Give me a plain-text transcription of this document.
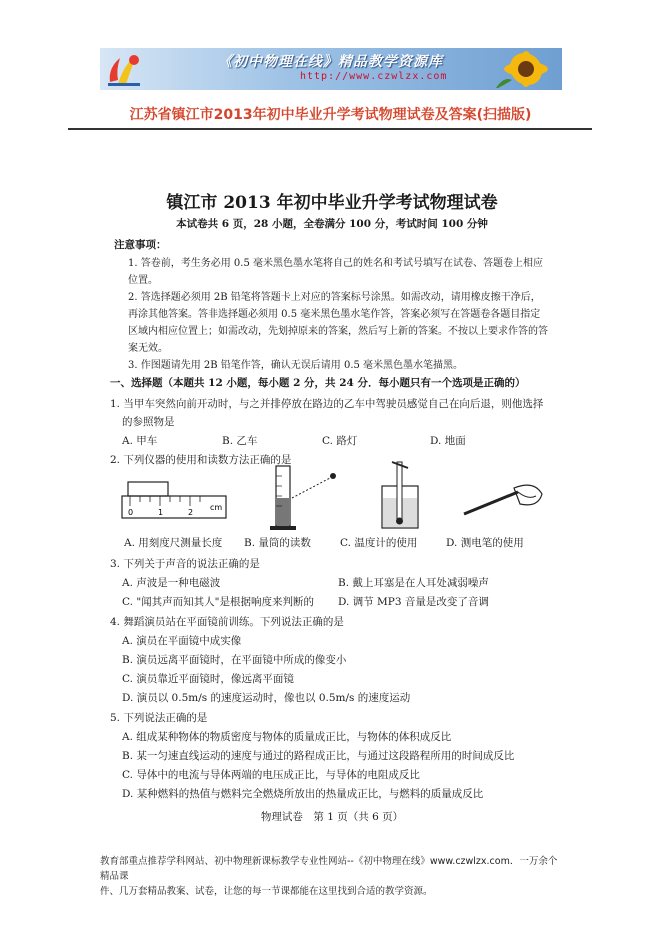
《初中物理在线》精品教学资源库
http://www.czwlzx.com
江苏省镇江市2013年初中毕业升学考试物理试卷及答案(扫描版)
镇江市 2013 年初中毕业升学考试物理试卷
本试卷共 6 页，28 小题，全卷满分 100 分，考试时间 100 分钟
注意事项：
1. 答卷前，考生务必用 0.5 毫米黑色墨水笔将自己的姓名和考试号填写在试卷、答题卷上相应位置。
2. 答选择题必须用 2B 铅笔将答题卡上对应的答案标号涂黑。如需改动，请用橡皮擦干净后，再涂其他答案。答非选择题必须用 0.5 毫米黑色墨水笔作答，答案必须写在答题卷各题目指定区域内相应位置上；如需改动，先划掉原来的答案，然后写上新的答案。不按以上要求作答的答案无效。
3. 作图题请先用 2B 铅笔作答，确认无误后请用 0.5 毫米黑色墨水笔描黑。
一、选择题（本题共 12 小题，每小题 2 分，共 24 分．每小题只有一个选项是正确的）
1. 当甲车突然向前开动时，与之并排停放在路边的乙车中驾驶员感觉自己在向后退，则他选择
的参照物是
A. 甲车	B. 乙车	C. 路灯	D. 地面
2. 下列仪器的使用和读数方法正确的是
0	1	2
cm
A. 用刻度尺测量长度 B. 量筒的读数	C. 温度计的使用	D. 测电笔的使用
3. 下列关于声音的说法正确的是
A. 声波是一种电磁波	B. 戴上耳塞是在人耳处减弱噪声
C. "闻其声而知其人"是根据响度来判断的 D. 调节 MP3 音量是改变了音调
4. 舞蹈演员站在平面镜前训练。下列说法正确的是
A. 演员在平面镜中成实像
B. 演员远离平面镜时，在平面镜中所成的像变小
C. 演员靠近平面镜时，像远离平面镜
D. 演员以 0.5m/s 的速度运动时，像也以 0.5m/s 的速度运动
5. 下列说法正确的是
A. 组成某种物体的物质密度与物体的质量成正比，与物体的体积成反比
B. 某一匀速直线运动的速度与通过的路程成正比，与通过这段路程所用的时间成反比
C. 导体中的电流与导体两端的电压成正比，与导体的电阻成反比
D. 某种燃料的热值与燃料完全燃烧所放出的热量成正比，与燃料的质量成反比
物理试卷　第 1 页（共 6 页）
教育部重点推荐学科网站、初中物理新课标教学专业性网站--《初中物理在线》www.czwlzx.com．一万余个精品课
件、几万套精品教案、试卷，让您的每一节课都能在这里找到合适的教学资源。
